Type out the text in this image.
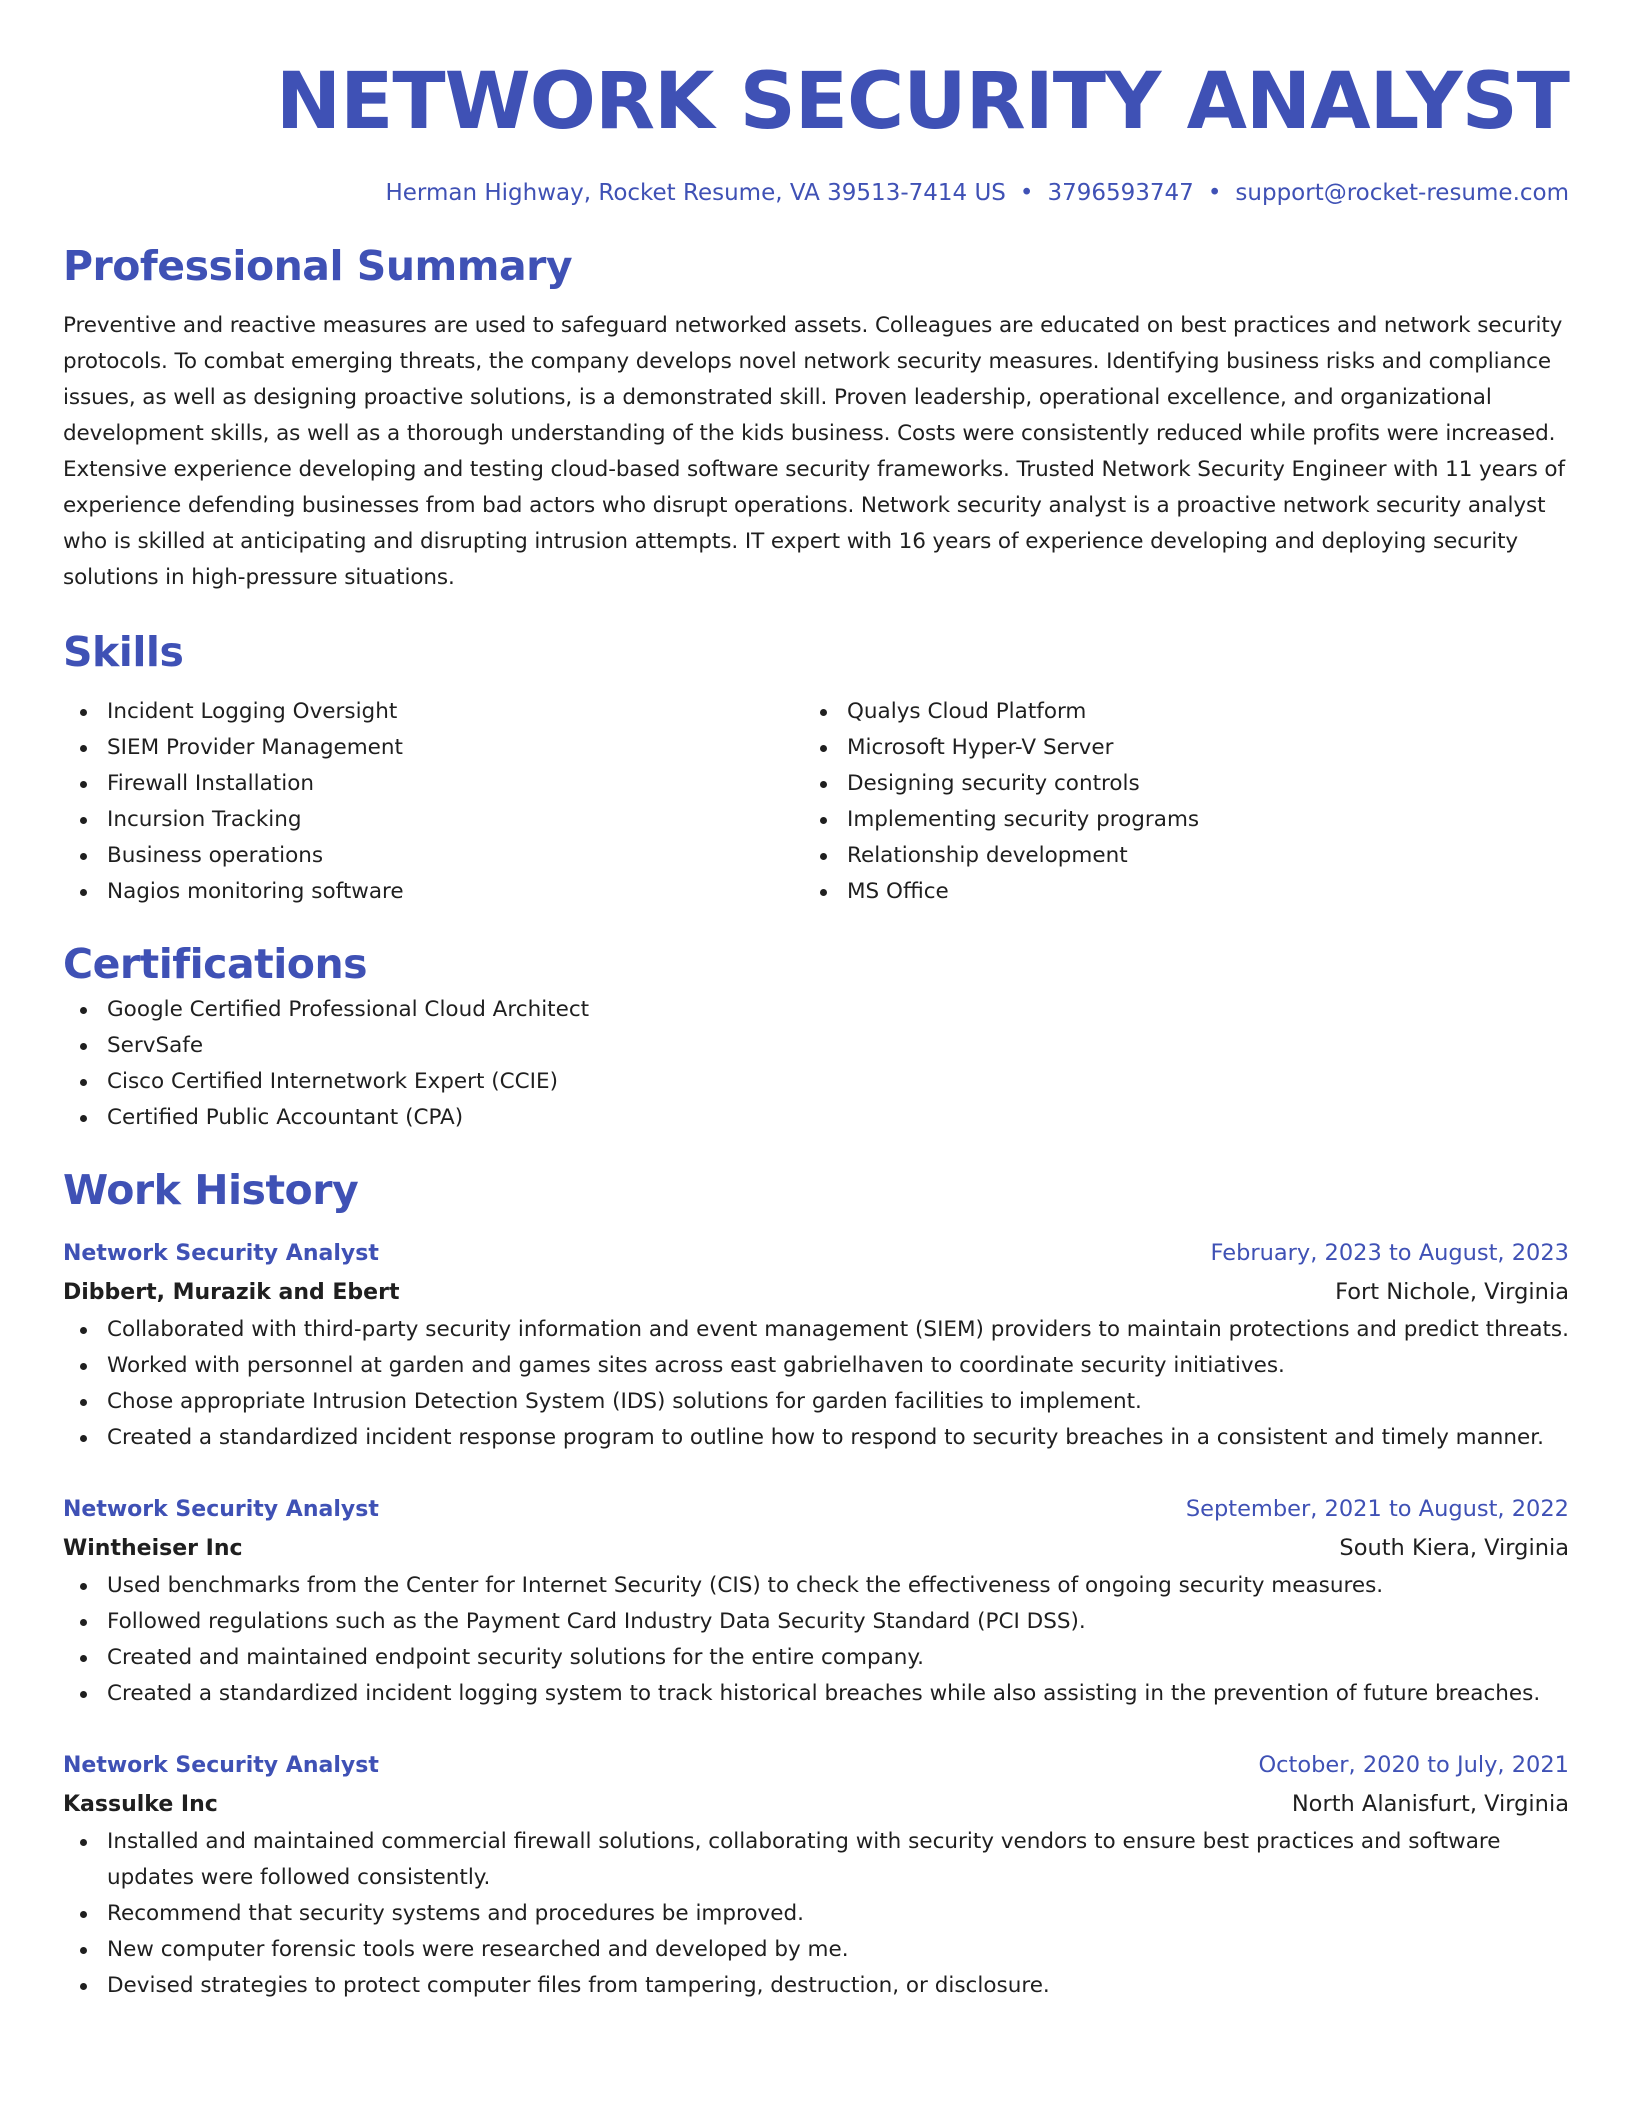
NETWORK SECURITY ANALYST
Herman Highway, Rocket Resume, VA 39513-7414 US • 3796593747 • support@rocket-resume.com
Professional Summary

Preventive and reactive measures are used to safeguard networked assets. Colleagues are educated on best practices and network security protocols. To combat emerging threats, the company develops novel network security measures. Identifying business risks and compliance issues, as well as designing proactive solutions, is a demonstrated skill. Proven leadership, operational excellence, and organizational development skills, as well as a thorough understanding of the kids business. Costs were consistently reduced while profits were increased. Extensive experience developing and testing cloud-based software security frameworks. Trusted Network Security Engineer with 11 years of experience defending businesses from bad actors who disrupt operations. Network security analyst is a proactive network security analyst who is skilled at anticipating and disrupting intrusion attempts. IT expert with 16 years of experience developing and deploying security solutions in high-pressure situations.

Skills
Incident Logging Oversight
SIEM Provider Management
Firewall Installation
Incursion Tracking
Business operations
Nagios monitoring software
Qualys Cloud Platform
Microsoft Hyper-V Server
Designing security controls
Implementing security programs
Relationship development
MS Office
Certifications
Google Certified Professional Cloud Architect
ServSafe
Cisco Certified Internetwork Expert (CCIE)
Certified Public Accountant (CPA)
Work History
Network Security Analyst	February, 2023 to August, 2023
Dibbert, Murazik and Ebert	Fort Nichole, Virginia
Collaborated with third-party security information and event management (SIEM) providers to maintain protections and predict threats.
Worked with personnel at garden and games sites across east gabrielhaven to coordinate security initiatives.
Chose appropriate Intrusion Detection System (IDS) solutions for garden facilities to implement.
Created a standardized incident response program to outline how to respond to security breaches in a consistent and timely manner.
Network Security Analyst	September, 2021 to August, 2022
Wintheiser Inc	South Kiera, Virginia
Used benchmarks from the Center for Internet Security (CIS) to check the effectiveness of ongoing security measures.
Followed regulations such as the Payment Card Industry Data Security Standard (PCI DSS).
Created and maintained endpoint security solutions for the entire company.
Created a standardized incident logging system to track historical breaches while also assisting in the prevention of future breaches.
Network Security Analyst	October, 2020 to July, 2021
Kassulke Inc	North Alanisfurt, Virginia
Installed and maintained commercial firewall solutions, collaborating with security vendors to ensure best practices and software updates were followed consistently.
Recommend that security systems and procedures be improved.
New computer forensic tools were researched and developed by me.
Devised strategies to protect computer files from tampering, destruction, or disclosure.
